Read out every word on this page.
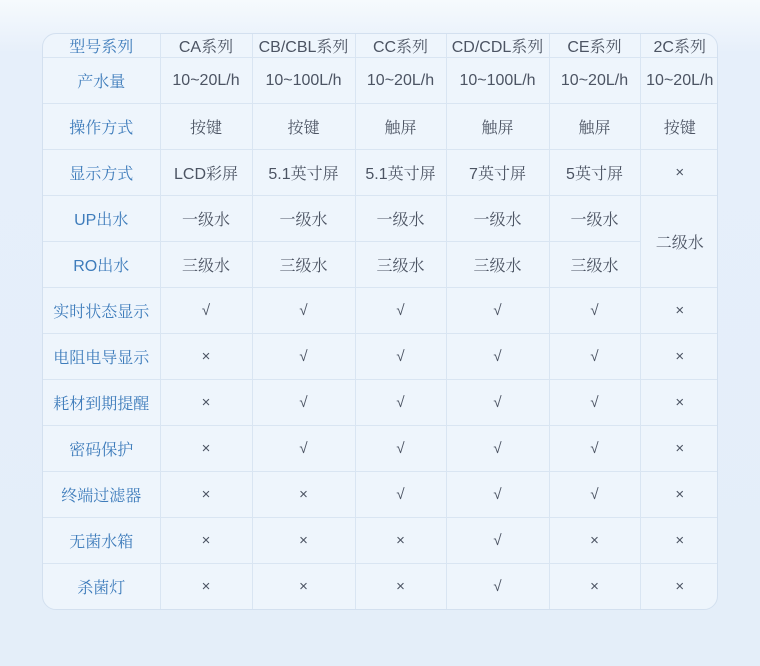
型号系列	CA系列	CB/CBL系列	CC系列	CD/CDL系列	CE系列	2C系列
产水量	10~20L/h	10~100L/h	10~20L/h	10~100L/h	10~20L/h	10~20L/h
操作方式	按键	按键	触屏	触屏	触屏	按键
显示方式	LCD彩屏	5.1英寸屏	5.1英寸屏	7英寸屏	5英寸屏	×
UP出水	一级水	一级水	一级水	一级水	一级水	二级水
RO出水	三级水	三级水	三级水	三级水	三级水	
实时状态显示	√	√	√	√	√	×
电阻电导显示	×	√	√	√	√	×
耗材到期提醒	×	√	√	√	√	×
密码保护	×	√	√	√	√	×
终端过滤器	×	×	√	√	√	×
无菌水箱	×	×	×	√	×	×
杀菌灯	×	×	×	√	×	×
